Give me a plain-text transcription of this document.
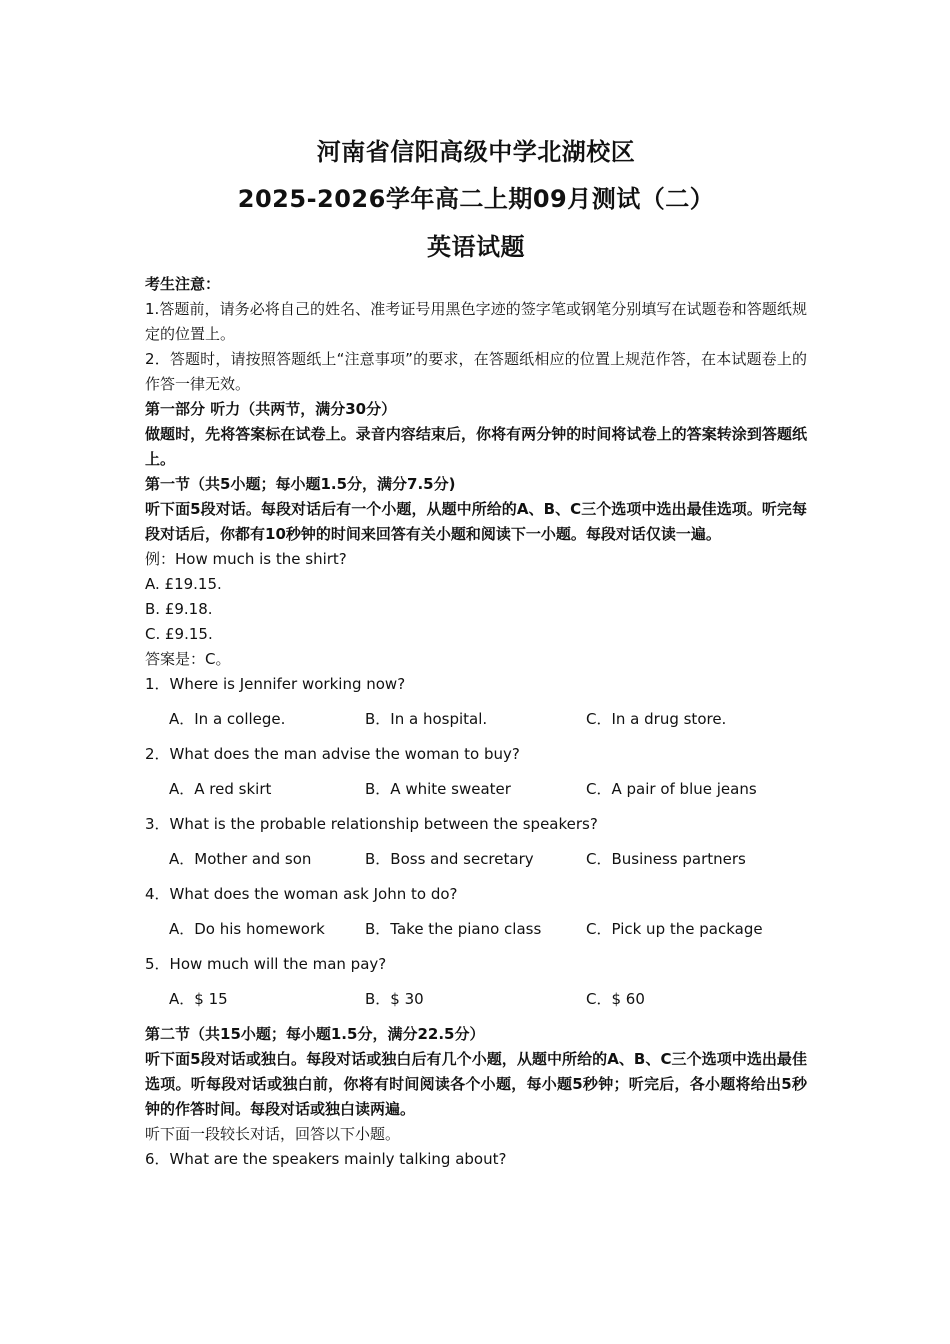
河南省信阳高级中学北湖校区
2025-2026学年高二上期09月测试（二）
英语试题

考生注意：

1.答题前，请务必将自己的姓名、准考证号用黑色字迹的签字笔或钢笔分别填写在试题卷和答题纸规定的位置上。

2．答题时，请按照答题纸上“注意事项”的要求，在答题纸相应的位置上规范作答，在本试题卷上的作答一律无效。

第一部分 听力（共两节，满分30分）

做题时，先将答案标在试卷上。录音内容结束后，你将有两分钟的时间将试卷上的答案转涂到答题纸上。

第一节（共5小题；每小题1.5分，满分7.5分)

听下面5段对话。每段对话后有一个小题，从题中所给的A、B、C三个选项中选出最佳选项。听完每段对话后，你都有10秒钟的时间来回答有关小题和阅读下一小题。每段对话仅读一遍。

例：How much is the shirt?

A. £19.15.

B. £9.18.

C. £9.15.

答案是：C。

1．Where is Jennifer working now?

A．In a college.	B．In a hospital.	C．In a drug store.

2．What does the man advise the woman to buy?

A．A red skirt	B．A white sweater	C．A pair of blue jeans

3．What is the probable relationship between the speakers?

A．Mother and son	B．Boss and secretary	C．Business partners

4．What does the woman ask John to do?

A．Do his homework	B．Take the piano class	C．Pick up the package

5．How much will the man pay?

A．$ 15	B．$ 30	C．$ 60

第二节（共15小题；每小题1.5分，满分22.5分）

听下面5段对话或独白。每段对话或独白后有几个小题，从题中所给的A、B、C三个选项中选出最佳选项。听每段对话或独白前，你将有时间阅读各个小题，每小题5秒钟；听完后，各小题将给出5秒钟的作答时间。每段对话或独白读两遍。

听下面一段较长对话，回答以下小题。

6．What are the speakers mainly talking about?
